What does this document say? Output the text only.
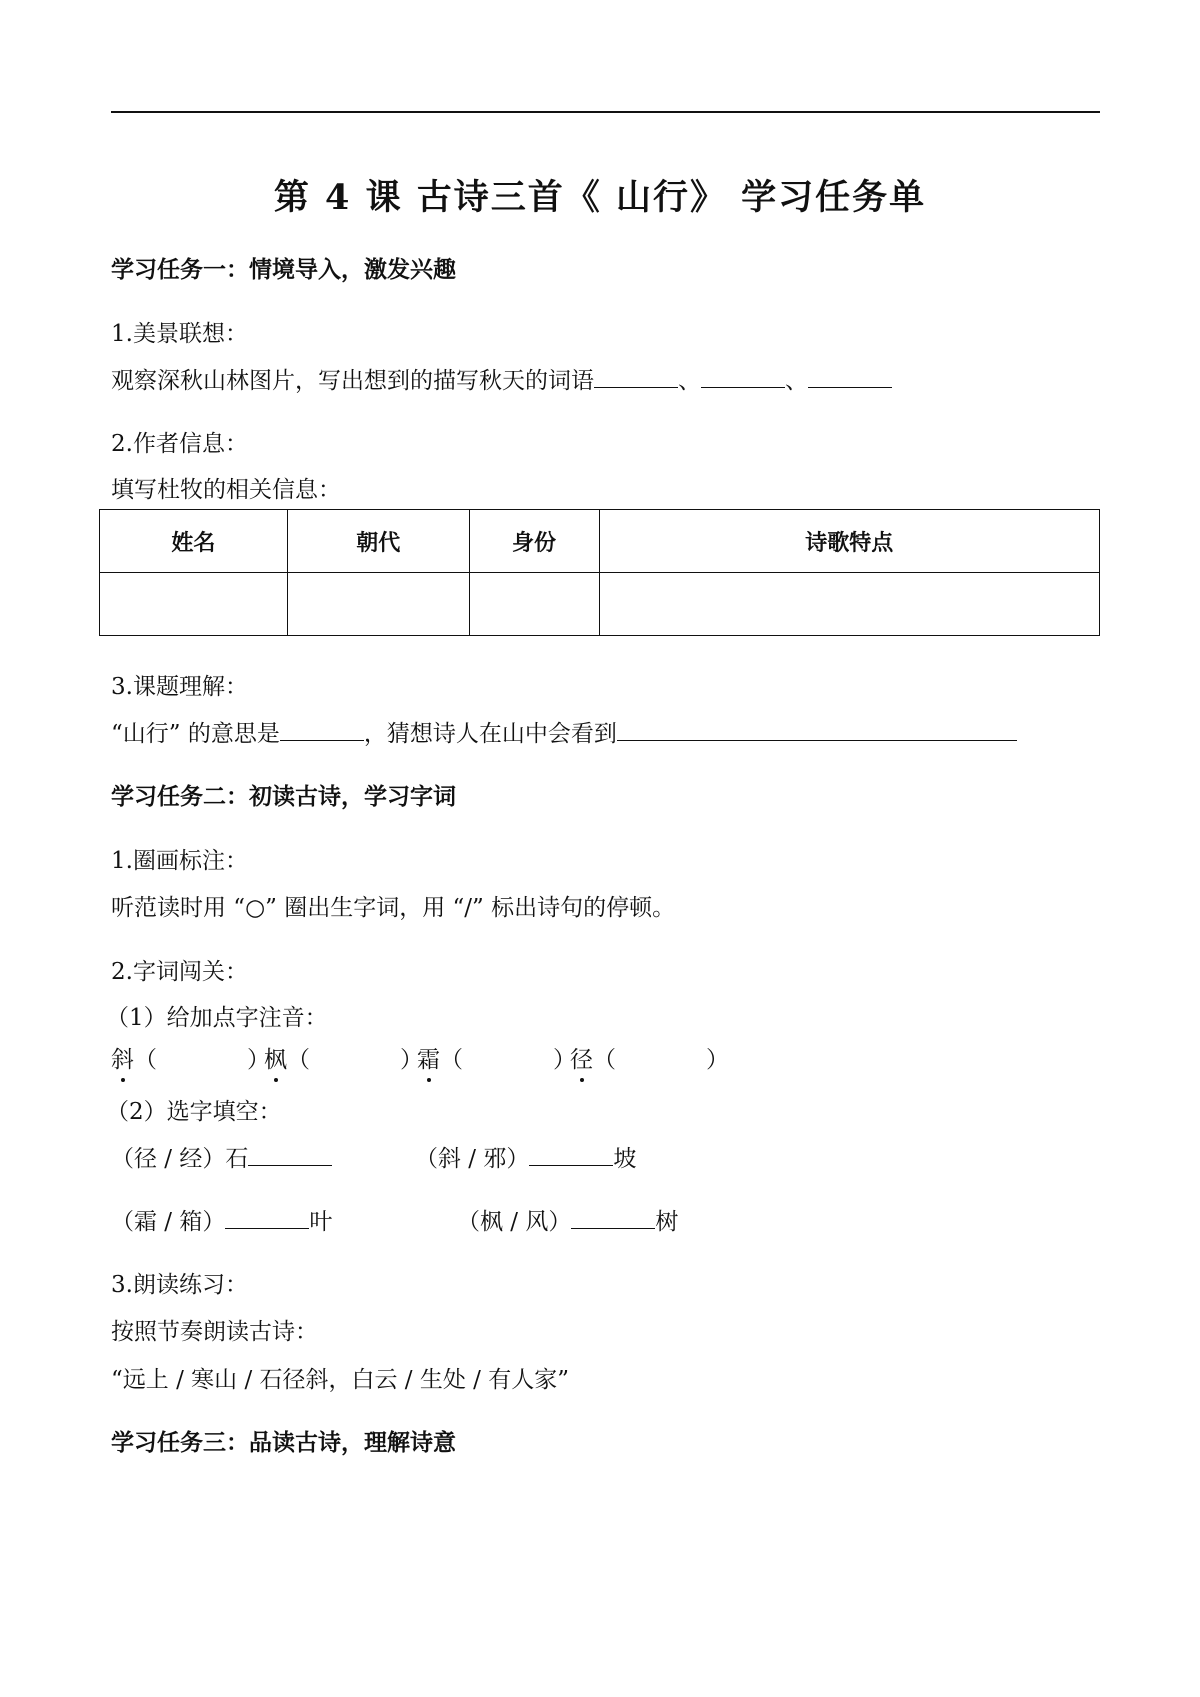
第 4 课 古诗三首《 山行》 学习任务单
学习任务一：情境导入，激发兴趣
1.美景联想：
观察深秋山林图片，写出想到的描写秋天的词语	、	、
2.作者信息：
填写杜牧的相关信息：
姓名	朝代	身份	诗歌特点

3.课题理解：
“山行” 的意思是	，猜想诗人在山中会看到
学习任务二：初读古诗，学习字词
1.圈画标注：
听范读时用 “○” 圈出生字词，用 “/” 标出诗句的停顿。
2.字词闯关：
（1）给加点字注音：
斜（	）枫（	）霜（	）径（	）
（2）选字填空：
（径 / 经）石	（斜 / 邪）	坡
（霜 / 箱）	叶	（枫 / 风）	树
3.朗读练习：
按照节奏朗读古诗：
“远上 / 寒山 / 石径斜，白云 / 生处 / 有人家”
学习任务三：品读古诗，理解诗意
